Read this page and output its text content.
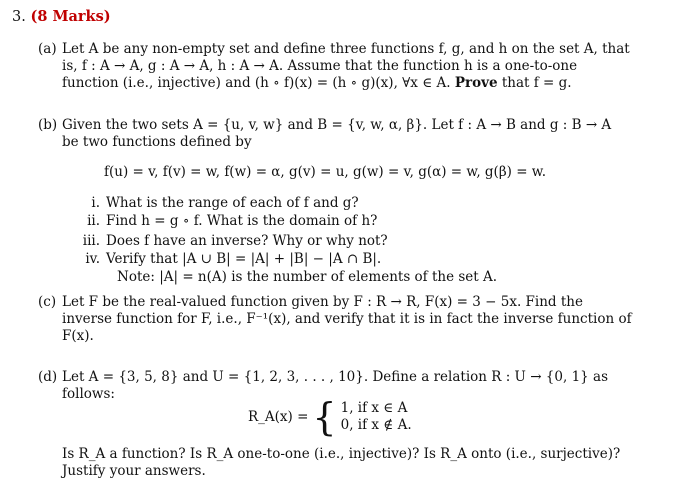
3. (8 Marks)
(a) Let A be any non-empty set and define three functions f, g, and h on the set A, that
is, f : A → A, g : A → A, h : A → A. Assume that the function h is a one-to-one
function (i.e., injective) and (h ∘ f)(x) = (h ∘ g)(x), ∀x ∈ A. Prove that f = g.
(b) Given the two sets A = {u, v, w} and B = {v, w, α, β}. Let f : A → B and g : B → A
be two functions defined by
f(u) = v, f(v) = w, f(w) = α, g(v) = u, g(w) = v, g(α) = w, g(β) = w.
i. What is the range of each of f and g?
ii. Find h = g ∘ f. What is the domain of h?
iii. Does f have an inverse? Why or why not?
iv. Verify that |A ∪ B| = |A| + |B| − |A ∩ B|.
Note: |A| = n(A) is the number of elements of the set A.
(c) Let F be the real-valued function given by F : R → R, F(x) = 3 − 5x. Find the
inverse function for F, i.e., F⁻¹(x), and verify that it is in fact the inverse function of
F(x).
(d) Let A = {3, 5, 8} and U = {1, 2, 3, . . . , 10}. Define a relation R : U → {0, 1} as
follows:
R_A(x) = { 1, if x ∈ A
0, if x ∉ A.
Is R_A a function? Is R_A one-to-one (i.e., injective)? Is R_A onto (i.e., surjective)?
Justify your answers.
